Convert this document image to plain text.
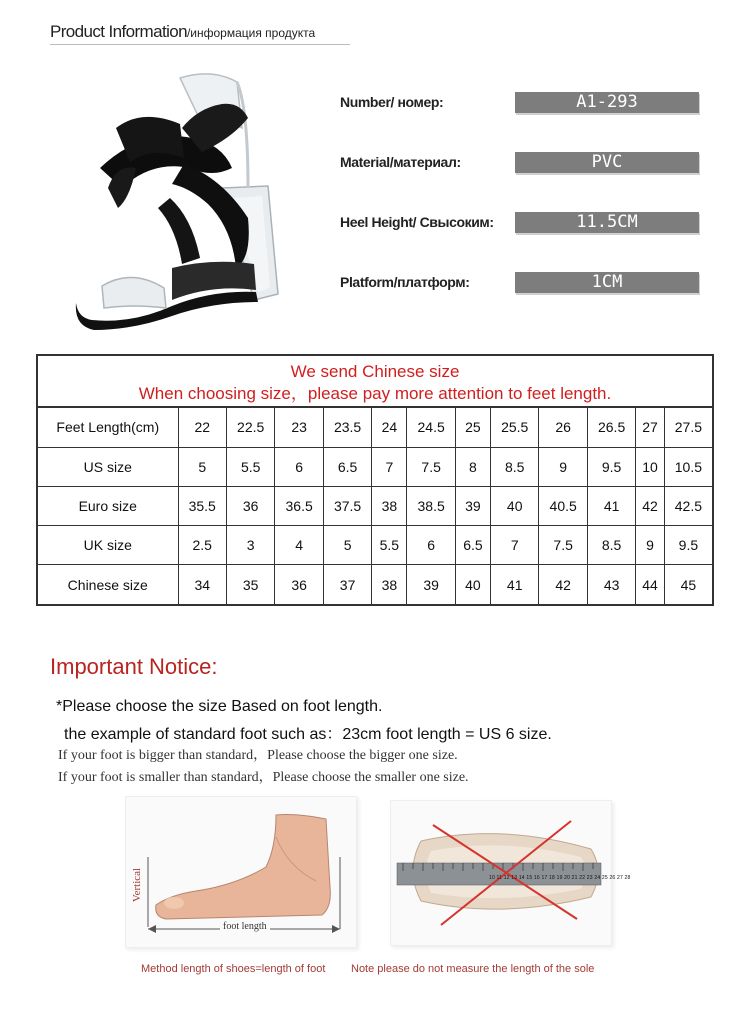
Product Information/информация продукта
Number/ номер:	A1-293
Material/материал:	PVC
Heel Height/ Свысоким:	11.5CM
Platform/платформ:	1CM
We send Chinese size
When choosing size，please pay more attention to feet length.
Feet Length(cm)	22	22.5	23	23.5	24	24.5	25	25.5	26	26.5	27	27.5
US size	5	5.5	6	6.5	7	7.5	8	8.5	9	9.5	10	10.5
Euro size	35.5	36	36.5	37.5	38	38.5	39	40	40.5	41	42	42.5
UK size	2.5	3	4	5	5.5	6	6.5	7	7.5	8.5	9	9.5
Chinese size	34	35	36	37	38	39	40	41	42	43	44	45
Important Notice:
*Please choose the size Based on foot length.
the example of standard foot such as：23cm foot length = US 6 size.
If your foot is bigger than standard，Please choose the bigger one size.
If your foot is smaller than standard，Please choose the smaller one size.
Vertical
foot length
10 11 12 13 14 15 16 17 18 19 20 21 22 23 24 25 26 27 28
Method length of shoes=length of foot Note please do not measure the length of the sole
